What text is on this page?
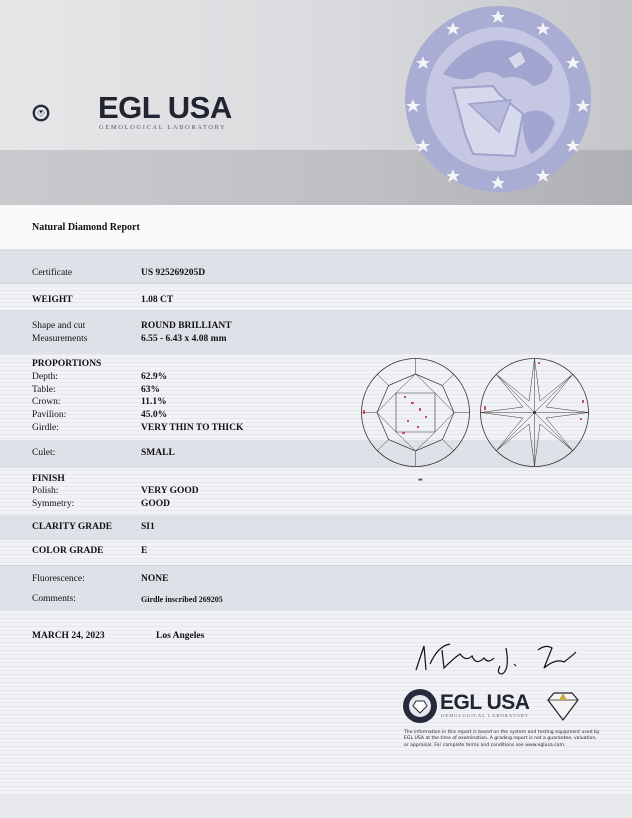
EGL USA
GEMOLOGICAL LABORATORY
Natural Diamond Report
Certificate	US 925269205D
WEIGHT	1.08 CT
Shape and cut	ROUND BRILLIANT
Measurements	6.55 - 6.43 x 4.08 mm
PROPORTIONS
Depth:	62.9%
Table:	63%
Crown:	11.1%
Pavilion:	45.0%
Girdle:	VERY THIN TO THICK
Culet:	SMALL
FINISH
Polish:	VERY GOOD
Symmetry:	GOOD
CLARITY GRADE	SI1
COLOR GRADE	E
Fluorescence:	NONE
Comments:	Girdle inscribed 269205
MARCH 24, 2023	Los Angeles
▬
EGL USA
GEMOLOGICAL LABORATORY
The information in this report is based on the system and testing equipment used by EGL USA at the time of examination. A grading report is not a guarantee, valuation, or appraisal. For complete terms and conditions see www.eglusa.com.
